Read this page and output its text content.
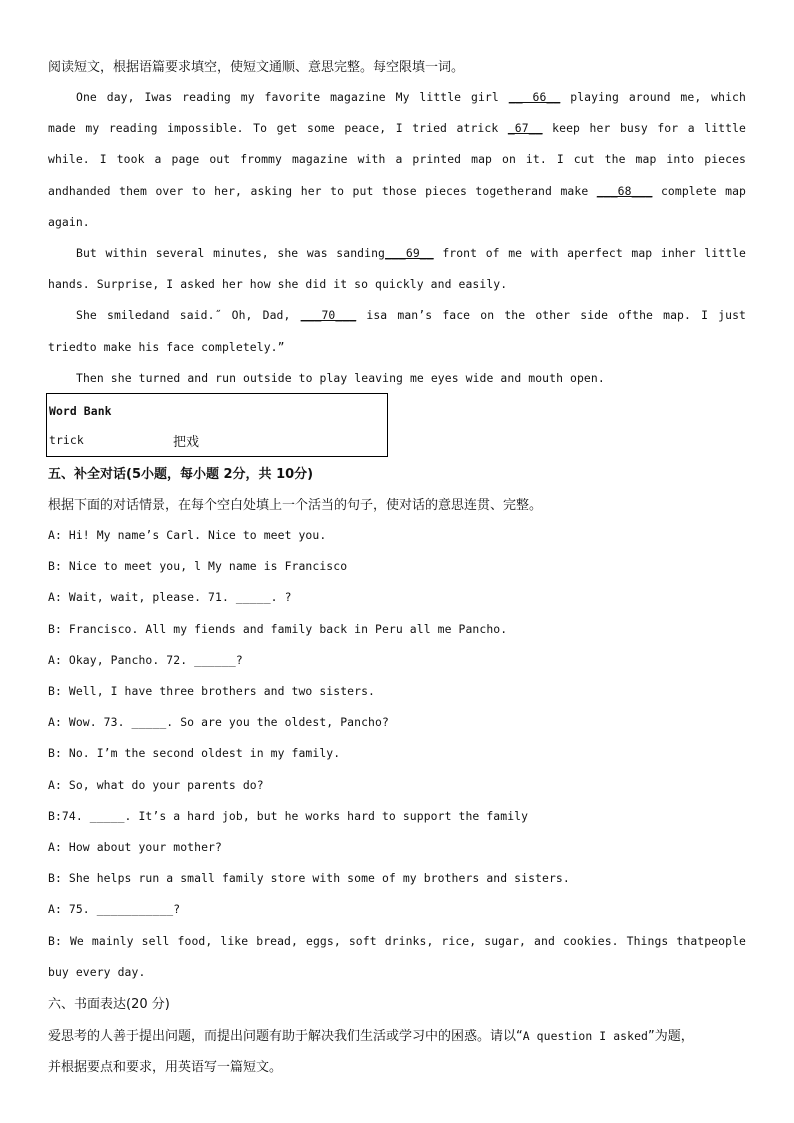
阅读短文，根据语篇要求填空，使短文通顺、意思完整。每空限填一词。
One day, Iwas reading my favorite magazine My little girl __ 66__ playing around me, which
made my reading impossible. To get some peace, I tried atrick _67__ keep her busy for a little
while. I took a page out frommy magazine with a printed map on it. I cut the map into pieces
andhanded them over to her, asking her to put those pieces togetherand make ___68___ complete map
again.
But within several minutes, she was sanding___69__ front of me with aperfect map inher little
hands. Surprise, I asked her how she did it so quickly and easily.
She smiledand said.˝ Oh, Dad, ___70___ isa man’s face on the other side ofthe map. I just
triedto make his face completely.”
Then she turned and run outside to play leaving me eyes wide and mouth open.
Word Bank
trick	把戏
五、补全对话(5小题，每小题 2分，共 10分)
根据下面的对话情景，在每个空白处填上一个活当的句子，使对话的意思连贯、完整。
A: Hi! My name’s Carl. Nice to meet you.
B: Nice to meet you, l My name is Francisco
A: Wait, wait, please. 71. _____. ?
B: Francisco. All my fiends and family back in Peru all me Pancho.
A: Okay, Pancho. 72. ______?
B: Well, I have three brothers and two sisters.
A: Wow. 73. _____. So are you the oldest, Pancho?
B: No. I’m the second oldest in my family.
A: So, what do your parents do?
B:74. _____. It’s a hard job, but he works hard to support the family
A: How about your mother?
B: She helps run a small family store with some of my brothers and sisters.
A: 75. ___________?
B: We mainly sell food, like bread, eggs, soft drinks, rice, sugar, and cookies. Things thatpeople
buy every day.
六、书面表达(20 分)
爱思考的人善于提出问题，而提出问题有助于解决我们生活或学习中的困惑。请以“A question I asked”为题，
并根据要点和要求，用英语写一篇短文。
